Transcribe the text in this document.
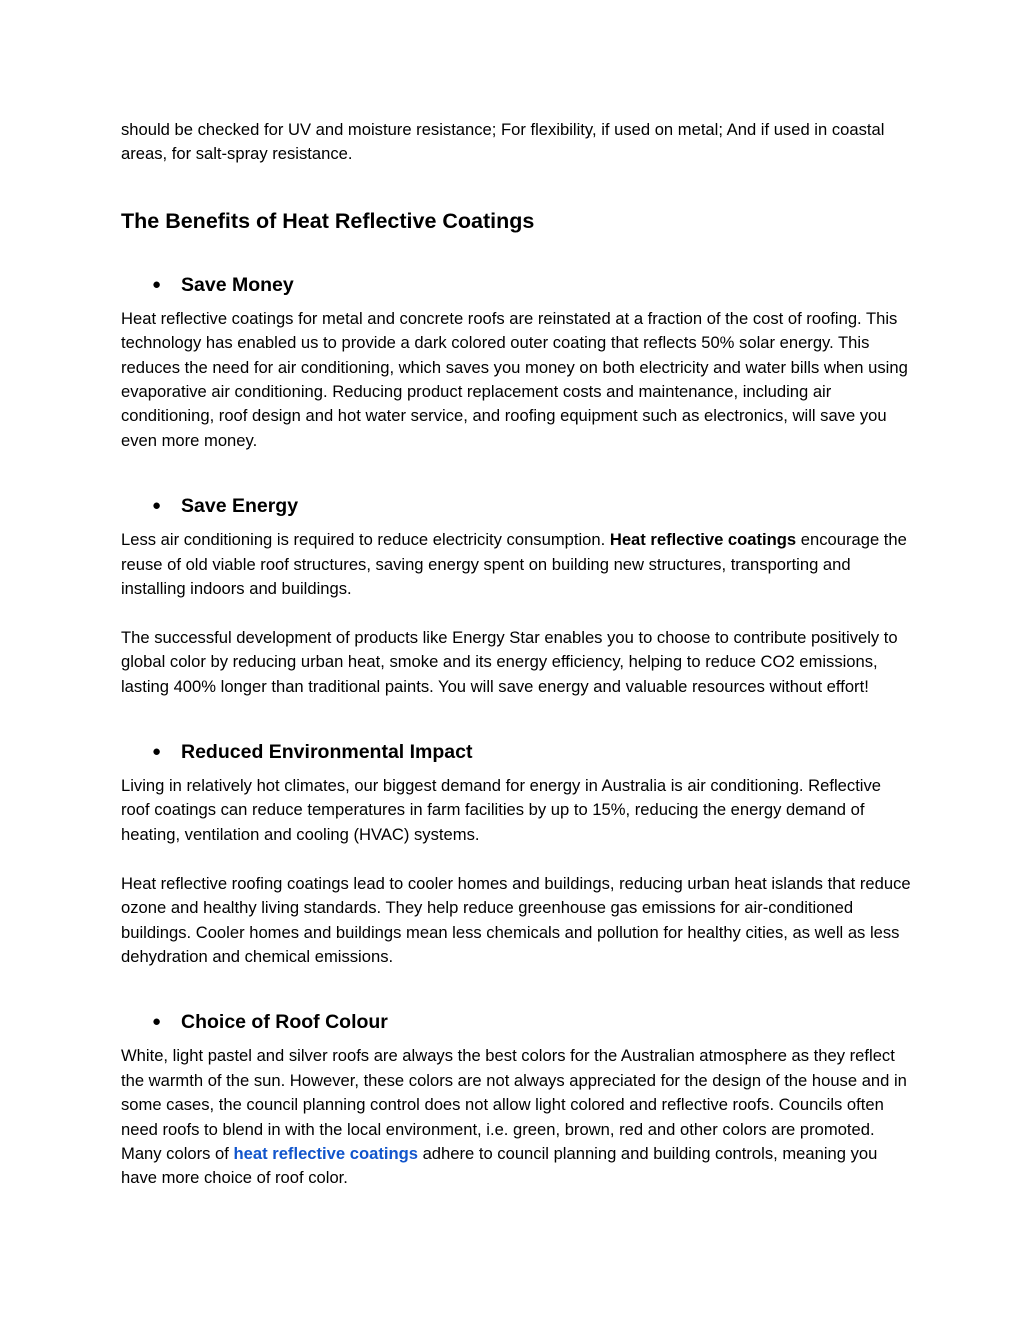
should be checked for UV and moisture resistance; For flexibility, if used on metal; And if used in coastal areas, for salt-spray resistance.

The Benefits of Heat Reflective Coatings
●	Save Money

Heat reflective coatings for metal and concrete roofs are reinstated at a fraction of the cost of roofing. This technology has enabled us to provide a dark colored outer coating that reflects 50% solar energy. This reduces the need for air conditioning, which saves you money on both electricity and water bills when using evaporative air conditioning. Reducing product replacement costs and maintenance, including air conditioning, roof design and hot water service, and roofing equipment such as electronics, will save you even more money.

●	Save Energy

Less air conditioning is required to reduce electricity consumption. Heat reflective coatings encourage the reuse of old viable roof structures, saving energy spent on building new structures, transporting and installing indoors and buildings.

The successful development of products like Energy Star enables you to choose to contribute positively to global color by reducing urban heat, smoke and its energy efficiency, helping to reduce CO2 emissions, lasting 400% longer than traditional paints. You will save energy and valuable resources without effort!

●	Reduced Environmental Impact

Living in relatively hot climates, our biggest demand for energy in Australia is air conditioning. Reflective roof coatings can reduce temperatures in farm facilities by up to 15%, reducing the energy demand of heating, ventilation and cooling (HVAC) systems.

Heat reflective roofing coatings lead to cooler homes and buildings, reducing urban heat islands that reduce ozone and healthy living standards. They help reduce greenhouse gas emissions for air-conditioned buildings. Cooler homes and buildings mean less chemicals and pollution for healthy cities, as well as less dehydration and chemical emissions.

●	Choice of Roof Colour

White, light pastel and silver roofs are always the best colors for the Australian atmosphere as they reflect the warmth of the sun. However, these colors are not always appreciated for the design of the house and in some cases, the council planning control does not allow light colored and reflective roofs. Councils often need roofs to blend in with the local environment, i.e. green, brown, red and other colors are promoted. Many colors of heat reflective coatings adhere to council planning and building controls, meaning you have more choice of roof color.
